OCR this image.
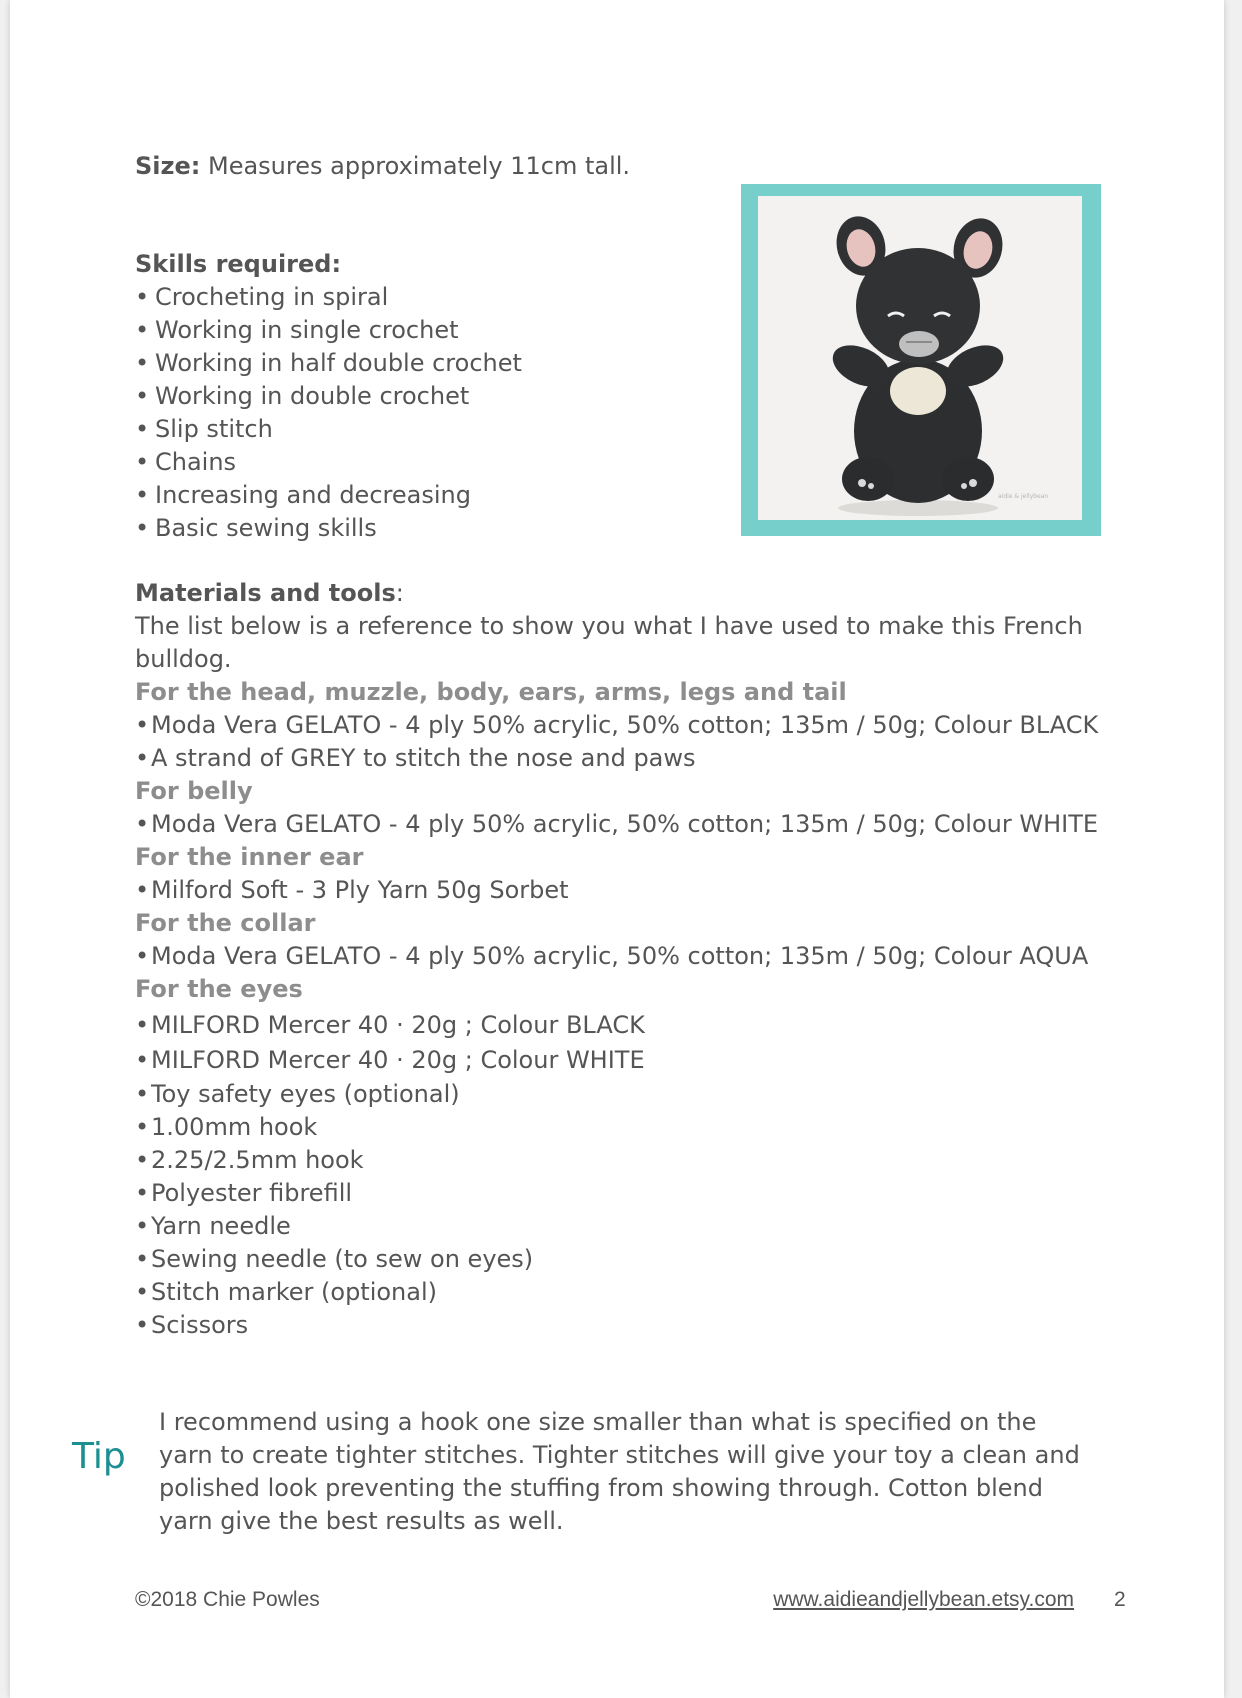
Size: Measures approximately 11cm tall.

Skills required:
• Crocheting in spiral
• Working in single crochet
• Working in half double crochet
• Working in double crochet
• Slip stitch
• Chains
• Increasing and decreasing
• Basic sewing skills
aidie & jellybean
Materials and tools:
The list below is a reference to show you what I have used to make this French
bulldog.
For the head, muzzle, body, ears, arms, legs and tail
• Moda Vera GELATO - 4 ply 50% acrylic, 50% cotton; 135m / 50g; Colour BLACK
• A strand of GREY to stitch the nose and paws
For belly
• Moda Vera GELATO - 4 ply 50% acrylic, 50% cotton; 135m / 50g; Colour WHITE
For the inner ear
• Milford Soft - 3 Ply Yarn 50g Sorbet
For the collar
• Moda Vera GELATO - 4 ply 50% acrylic, 50% cotton; 135m / 50g; Colour AQUA
For the eyes
• MILFORD Mercer 40 · 20g ; Colour BLACK
• MILFORD Mercer 40 · 20g ; Colour WHITE
• Toy safety eyes (optional)
• 1.00mm hook
• 2.25/2.5mm hook
• Polyester fibrefill
• Yarn needle
• Sewing needle (to sew on eyes)
• Stitch marker (optional)
• Scissors
Tip

I recommend using a hook one size smaller than what is specified on the yarn to create tighter stitches. Tighter stitches will give your toy a clean and polished look preventing the stuffing from showing through. Cotton blend yarn give the best results as well.

©2018 Chie Powles	www.aidieandjellybean.etsy.com 2
